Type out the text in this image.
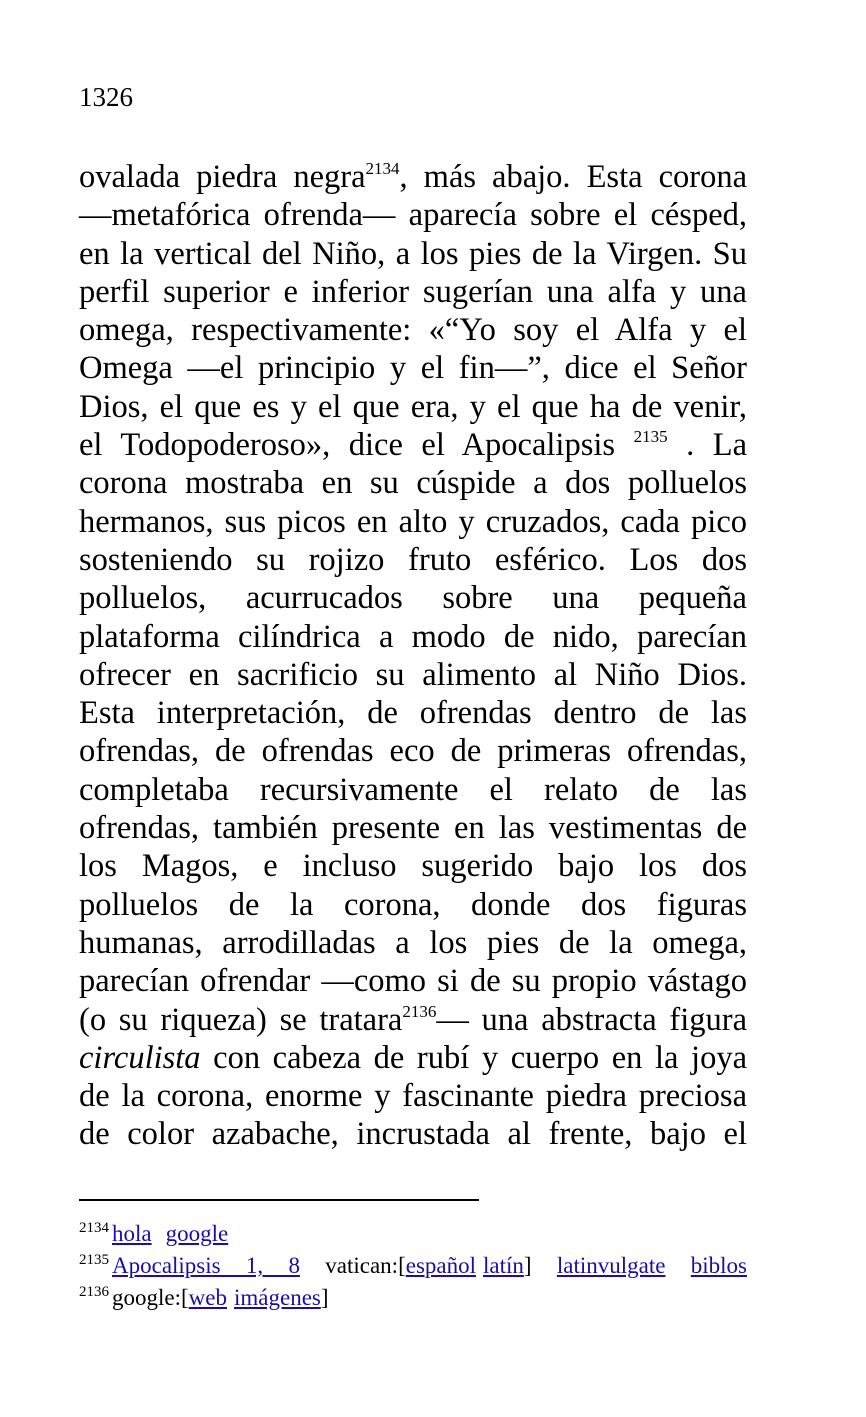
1326
ovalada piedra negra$^{2134}$, más abajo. Esta corona
—metafórica ofrenda— aparecía sobre el césped,
en la vertical del Niño, a los pies de la Virgen. Su
perfil superior e inferior sugerían una alfa y una
omega, respectivamente: «“Yo soy el Alfa y el
Omega —el principio y el fin—”, dice el Señor
Dios, el que es y el que era, y el que ha de venir,
el Todopoderoso», dice el Apocalipsis $^{2135}$ . La
corona mostraba en su cúspide a dos polluelos
hermanos, sus picos en alto y cruzados, cada pico
sosteniendo su rojizo fruto esférico. Los dos
polluelos, acurrucados sobre una pequeña
plataforma cilíndrica a modo de nido, parecían
ofrecer en sacrificio su alimento al Niño Dios.
Esta interpretación, de ofrendas dentro de las
ofrendas, de ofrendas eco de primeras ofrendas,
completaba recursivamente el relato de las
ofrendas, también presente en las vestimentas de
los Magos, e incluso sugerido bajo los dos
polluelos de la corona, donde dos figuras
humanas, arrodilladas a los pies de la omega,
parecían ofrendar —como si de su propio vástago
(o su riqueza) se tratara$^{2136}$— una abstracta figura
circulista con cabeza de rubí y cuerpo en la joya
de la corona, enorme y fascinante piedra preciosa
de color azabache, incrustada al frente, bajo el
$^{2134}$ hola google
$^{2135}$ Apocalipsis 1, 8 vatican:[español latín] latinvulgate biblos
$^{2136}$ google:[web imágenes]
